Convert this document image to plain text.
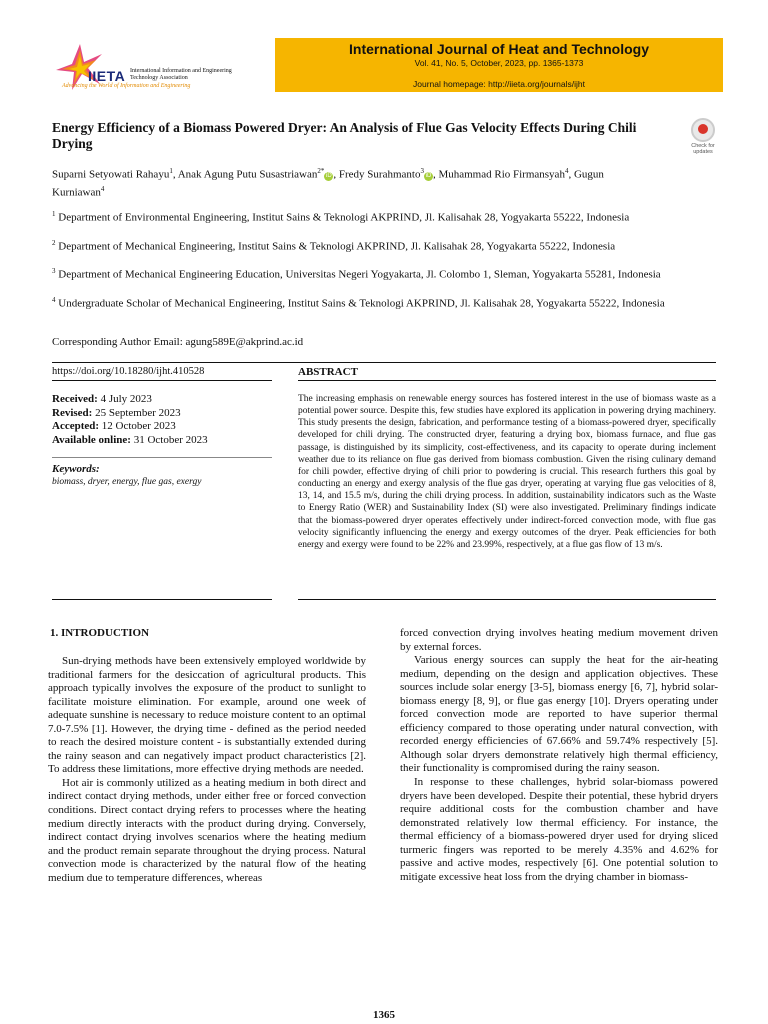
IIETA International Information and Engineering Technology Association
Advancing the World of Information and Engineering
International Journal of Heat and Technology
Vol. 41, No. 5, October, 2023, pp. 1365-1373
Journal homepage: http://iieta.org/journals/ijht
Energy Efficiency of a Biomass Powered Dryer: An Analysis of Flue Gas Velocity Effects During Chili Drying	Check for updates
Suparni Setyowati Rahayu$^1$, Anak Agung Putu Susastriawan$^{2*}$iD , Fredy Surahmanto$^3$iD , Muhammad Rio Firmansyah$^4$, Gugun Kurniawan$^4$
$^1$ Department of Environmental Engineering, Institut Sains & Teknologi AKPRIND, Jl. Kalisahak 28, Yogyakarta 55222, Indonesia
$^2$ Department of Mechanical Engineering, Institut Sains & Teknologi AKPRIND, Jl. Kalisahak 28, Yogyakarta 55222, Indonesia
$^3$ Department of Mechanical Engineering Education, Universitas Negeri Yogyakarta, Jl. Colombo 1, Sleman, Yogyakarta 55281, Indonesia
$^4$ Undergraduate Scholar of Mechanical Engineering, Institut Sains & Teknologi AKPRIND, Jl. Kalisahak 28, Yogyakarta 55222, Indonesia
Corresponding Author Email: agung589E@akprind.ac.id
https://doi.org/10.18280/ijht.410528	ABSTRACT
Received: 4 July 2023
Revised: 25 September 2023
Accepted: 12 October 2023
Available online: 31 October 2023
Keywords:
biomass, dryer, energy, flue gas, exergy
The increasing emphasis on renewable energy sources has fostered interest in the use of biomass waste as a potential power source. Despite this, few studies have explored its application in powering drying machinery. This study presents the design, fabrication, and performance testing of a biomass-powered dryer, specifically developed for chili drying. The constructed dryer, featuring a drying box, biomass furnace, and flue gas passage, is distinguished by its simplicity, cost-effectiveness, and its capacity to operate during inclement weather due to its reliance on flue gas derived from biomass combustion. Given the rising culinary demand for chili powder, effective drying of chili prior to powdering is crucial. This research furthers this goal by conducting an energy and exergy analysis of the flue gas dryer, operating at varying flue gas velocities of 8, 13, 14, and 15.5 m/s, during the chili drying process. In addition, sustainability indicators such as the Waste to Energy Ratio (WER) and Sustainability Index (SI) were also investigated. Preliminary findings indicate that the biomass-powered dryer operates effectively under indirect-forced convection mode, with flue gas velocity significantly influencing the energy and exergy outcomes of the dryer. Peak efficiencies for both energy and exergy were found to be 22% and 23.99%, respectively, at a flue gas flow of 13 m/s.
1. INTRODUCTION

Sun-drying methods have been extensively employed worldwide by traditional farmers for the desiccation of agricultural products. This approach typically involves the exposure of the product to sunlight to facilitate moisture elimination. For example, around one week of adequate sunshine is necessary to reduce moisture content to an optimal 7.0-7.5% [1]. However, the drying time - defined as the period needed to reach the desired moisture content - is substantially extended during the rainy season and can negatively impact product characteristics [2]. To address these limitations, more effective drying methods are needed.

Hot air is commonly utilized as a heating medium in both direct and indirect contact drying methods, under either free or forced convection conditions. Direct contact drying refers to processes where the heating medium directly interacts with the product during drying. Conversely, indirect contact drying involves scenarios where the heating medium and the product remain separate throughout the drying process. Natural convection mode is characterized by the natural flow of the heating medium due to temperature differences, whereas

forced convection drying involves heating medium movement driven by external forces.

Various energy sources can supply the heat for the air-heating medium, depending on the design and application objectives. These sources include solar energy [3-5], biomass energy [6, 7], hybrid solar-biomass energy [8, 9], or flue gas energy [10]. Dryers operating under forced convection mode are reported to have superior thermal efficiency compared to those operating under natural convection, with recorded energy efficiencies of 67.66% and 59.74% respectively [5]. Although solar dryers demonstrate relatively high thermal efficiency, their functionality is compromised during the rainy season.

In response to these challenges, hybrid solar-biomass powered dryers have been developed. Despite their potential, these hybrid dryers require additional costs for the combustion chamber and have demonstrated relatively low thermal efficiency. For instance, the thermal efficiency of a biomass-powered dryer used for drying sliced turmeric fingers was reported to be merely 4.35% and 4.62% for passive and active modes, respectively [6]. One potential solution to mitigate excessive heat loss from the drying chamber in biomass-

1365
